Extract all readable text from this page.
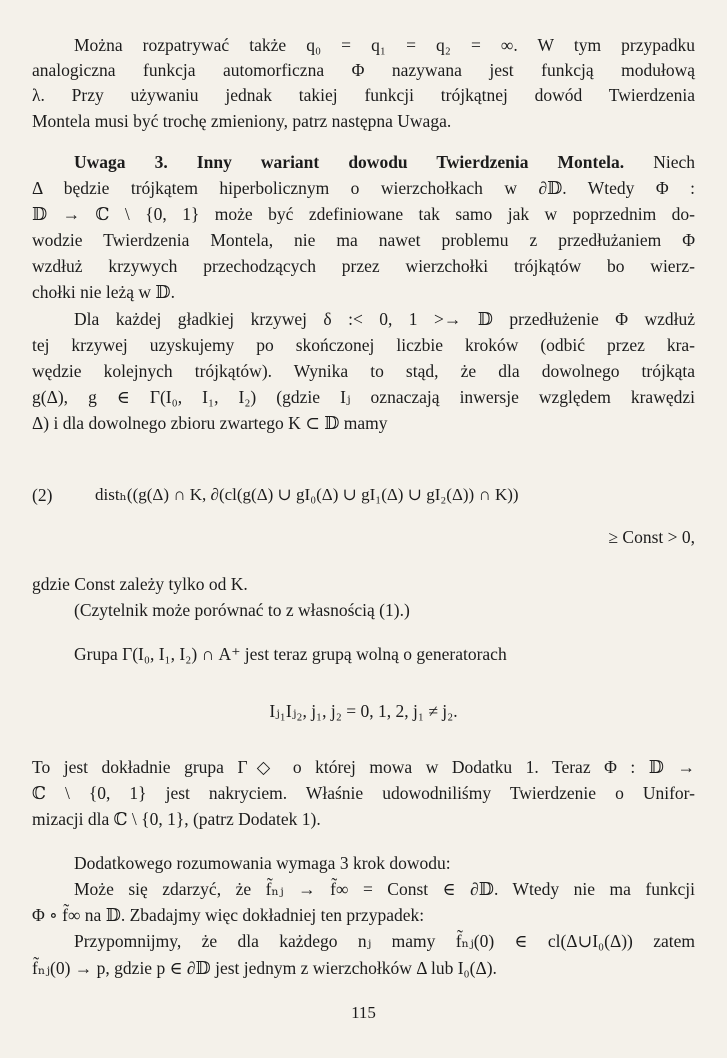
Można rozpatrywać także q₀ = q₁ = q₂ = ∞. W tym przypadku
analogiczna funkcja automorficzna Φ nazywana jest funkcją modułową
λ. Przy używaniu jednak takiej funkcji trójkątnej dowód Twierdzenia
Montela musi być trochę zmieniony, patrz następna Uwaga.
Uwaga 3. Inny wariant dowodu Twierdzenia Montela. Niech
Δ będzie trójkątem hiperbolicznym o wierzchołkach w ∂𝔻. Wtedy Φ :
𝔻 → ℂ \ {0, 1} może być zdefiniowane tak samo jak w poprzednim do-
wodzie Twierdzenia Montela, nie ma nawet problemu z przedłużaniem Φ
wzdłuż krzywych przechodzących przez wierzchołki trójkątów bo wierz-
chołki nie leżą w 𝔻.
Dla każdej gładkiej krzywej δ :< 0, 1 >→ 𝔻 przedłużenie Φ wzdłuż
tej krzywej uzyskujemy po skończonej liczbie kroków (odbić przez kra-
wędzie kolejnych trójkątów). Wynika to stąd, że dla dowolnego trójkąta
g(Δ), g ∈ Γ(I₀, I₁, I₂) (gdzie Iⱼ oznaczają inwersje względem krawędzi
Δ) i dla dowolnego zbioru zwartego K ⊂ 𝔻 mamy
(2)	distₕ((g(Δ) ∩ K, ∂(cl(g(Δ) ∪ gI₀(Δ) ∪ gI₁(Δ) ∪ gI₂(Δ)) ∩ K))
≥ Const > 0,
gdzie Const zależy tylko od K.
(Czytelnik może porównać to z własnością (1).)
Grupa Γ(I₀, I₁, I₂) ∩ A⁺ jest teraz grupą wolną o generatorach
Iⱼ₁Iⱼ₂, j₁, j₂ = 0, 1, 2, j₁ ≠ j₂.
To jest dokładnie grupa Γ◇ o której mowa w Dodatku 1. Teraz Φ : 𝔻 →
ℂ \ {0, 1} jest nakryciem. Właśnie udowodniliśmy Twierdzenie o Unifor-
mizacji dla ℂ \ {0, 1}, (patrz Dodatek 1).
Dodatkowego rozumowania wymaga 3 krok dowodu:
Może się zdarzyć, że f̃ₙⱼ → f̃∞ = Const ∈ ∂𝔻. Wtedy nie ma funkcji
Φ ∘ f̃∞ na 𝔻. Zbadajmy więc dokładniej ten przypadek:
Przypomnijmy, że dla każdego nⱼ mamy f̃ₙⱼ(0) ∈ cl(Δ∪I₀(Δ)) zatem
f̃ₙⱼ(0) → p, gdzie p ∈ ∂𝔻 jest jednym z wierzchołków Δ lub I₀(Δ).
115
